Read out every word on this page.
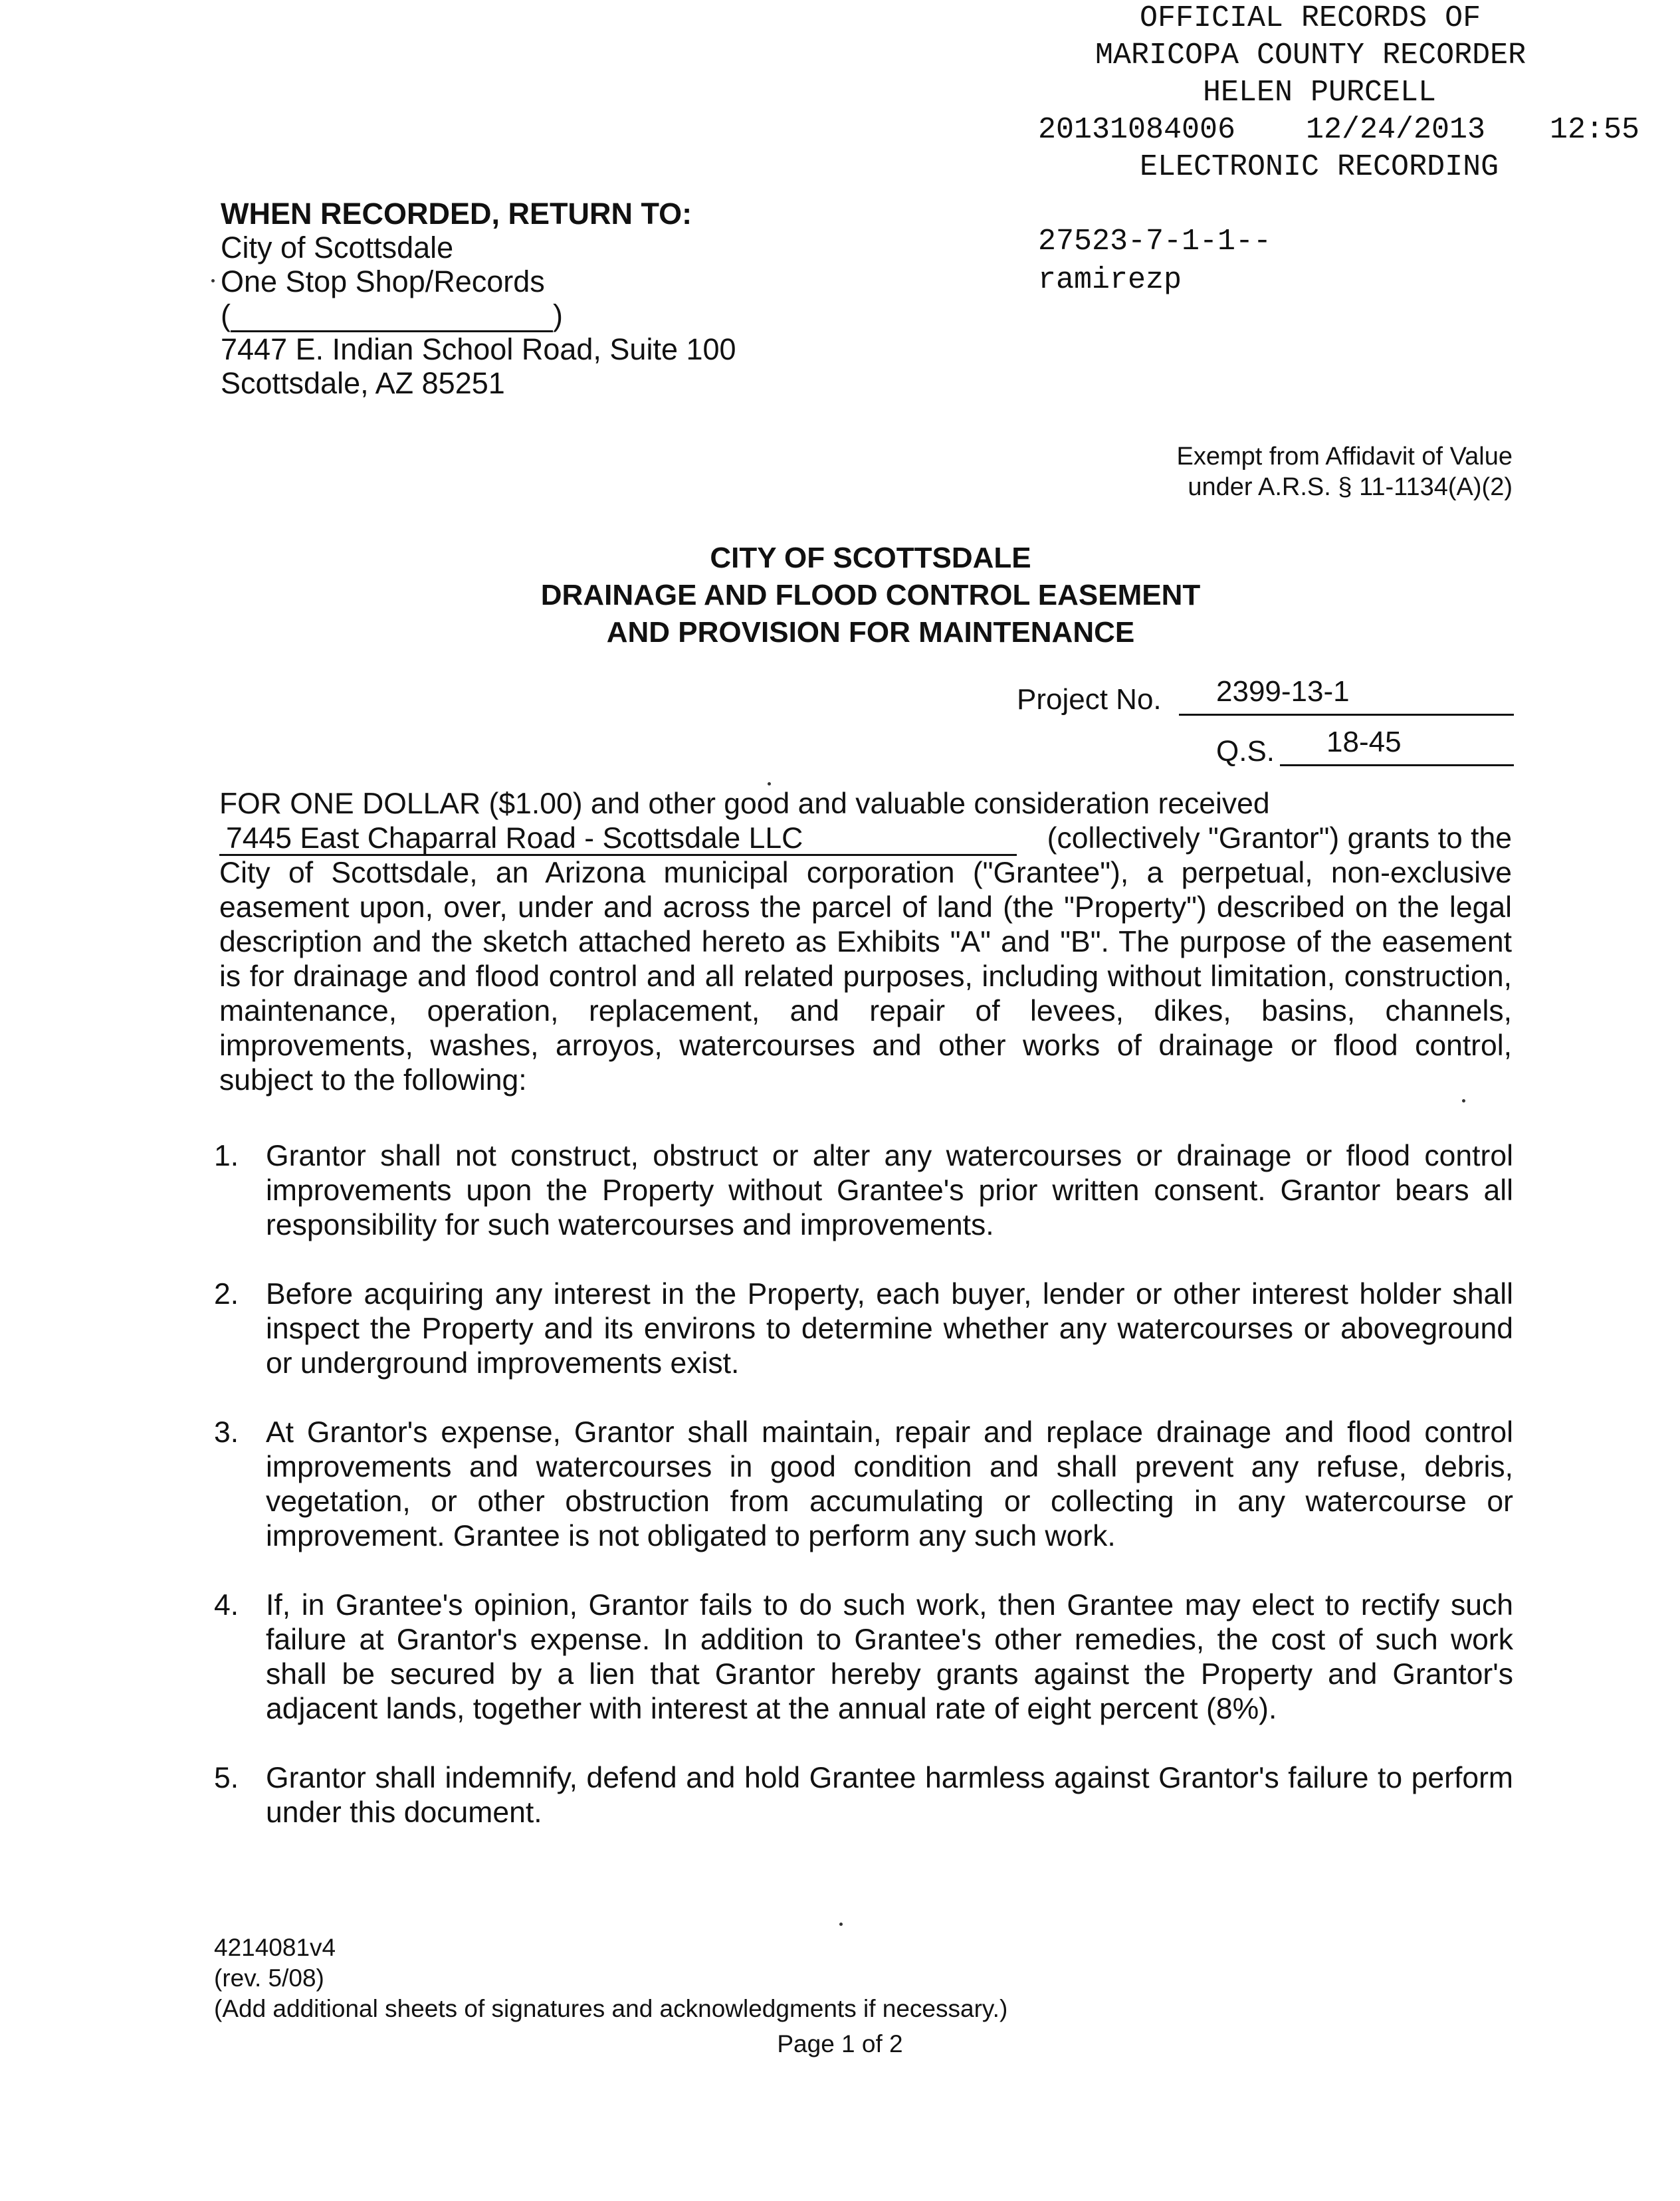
OFFICIAL RECORDS OF
MARICOPA COUNTY RECORDER
HELEN PURCELL
20131084006 12/24/2013 12:55
ELECTRONIC RECORDING
WHEN RECORDED, RETURN TO:
City of Scottsdale
One Stop Shop/Records
(	)
7447 E. Indian School Road, Suite 100
Scottsdale, AZ 85251
27523-7-1-1--
ramirezp
Exempt from Affidavit of Value
under A.R.S. § 11-1134(A)(2)
CITY OF SCOTTSDALE
DRAINAGE AND FLOOD CONTROL EASEMENT
AND PROVISION FOR MAINTENANCE
Project No. 2399-13-1
Q.S. 18-45

FOR ONE DOLLAR ($1.00) and other good and valuable consideration received

7445 East Chaparral Road - Scottsdale LLC	(collectively "Grantor") grants to the

City of Scottsdale, an Arizona municipal corporation ("Grantee"), a perpetual, non-exclusive easement upon, over, under and across the parcel of land (the "Property") described on the legal description and the sketch attached hereto as Exhibits "A" and "B". The purpose of the easement is for drainage and flood control and all related purposes, including without limitation, construction, maintenance, operation, replacement, and repair of levees, dikes, basins, channels, improvements, washes, arroyos, watercourses and other works of drainage or flood control, subject to the following:

1. Grantor shall not construct, obstruct or alter any watercourses or drainage or flood control improvements upon the Property without Grantee's prior written consent. Grantor bears all responsibility for such watercourses and improvements.
2. Before acquiring any interest in the Property, each buyer, lender or other interest holder shall inspect the Property and its environs to determine whether any watercourses or aboveground or underground improvements exist.
3. At Grantor's expense, Grantor shall maintain, repair and replace drainage and flood control improvements and watercourses in good condition and shall prevent any refuse, debris, vegetation, or other obstruction from accumulating or collecting in any watercourse or improvement. Grantee is not obligated to perform any such work.
4. If, in Grantee's opinion, Grantor fails to do such work, then Grantee may elect to rectify such failure at Grantor's expense. In addition to Grantee's other remedies, the cost of such work shall be secured by a lien that Grantor hereby grants against the Property and Grantor's adjacent lands, together with interest at the annual rate of eight percent (8%).
5. Grantor shall indemnify, defend and hold Grantee harmless against Grantor's failure to perform under this document.
4214081v4
(rev. 5/08)
(Add additional sheets of signatures and acknowledgments if necessary.)
Page 1 of 2
